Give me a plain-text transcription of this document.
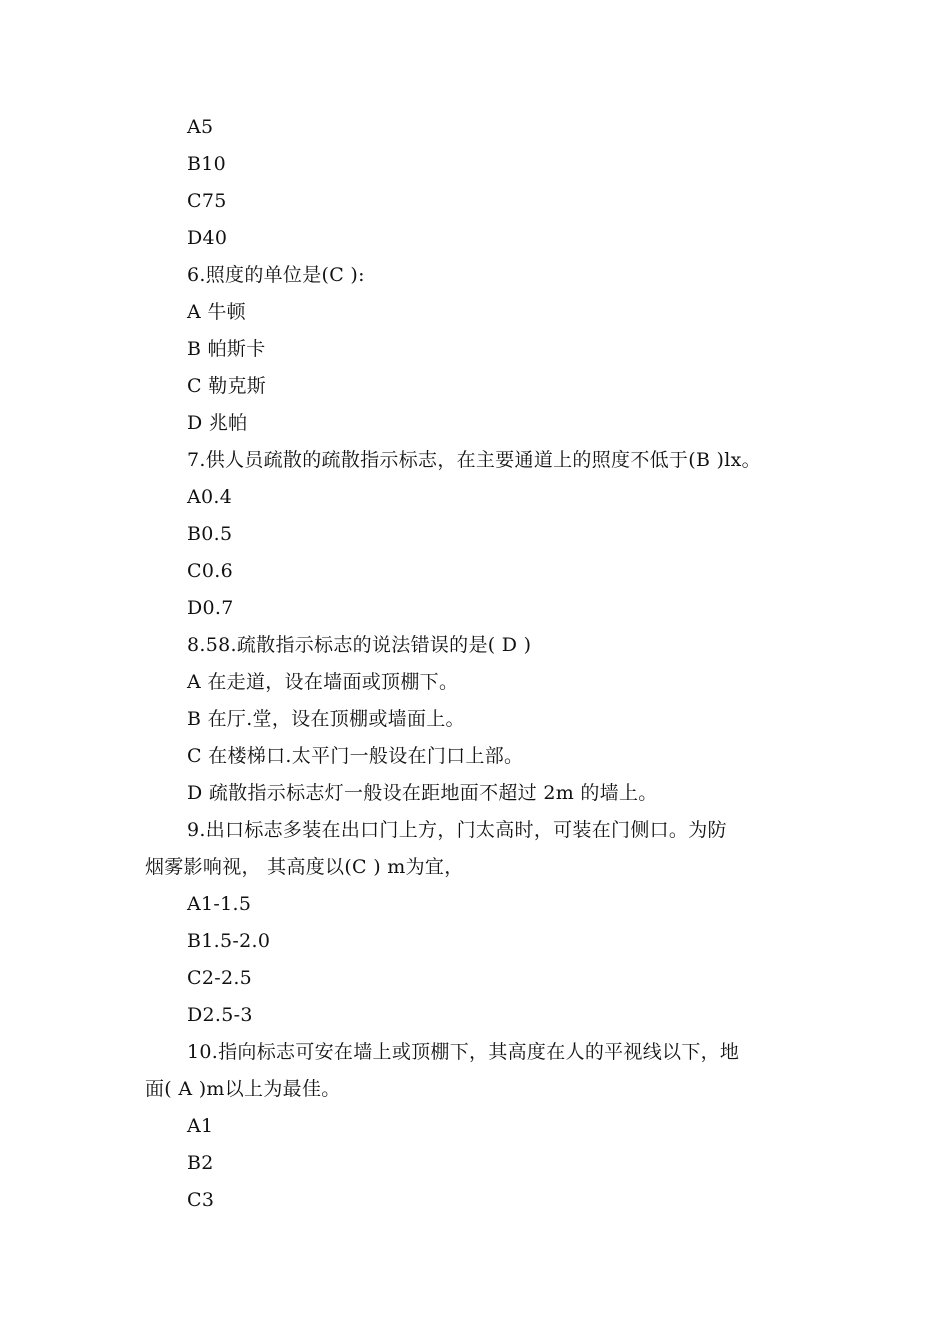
A5
B10
C75
D40
6.照度的单位是(C ):
A 牛顿
B 帕斯卡
C 勒克斯
D 兆帕
7.供人员疏散的疏散指示标志，在主要通道上的照度不低于(B )lx。
A0.4
B0.5
C0.6
D0.7
8.58.疏散指示标志的说法错误的是( D )
A 在走道，设在墙面或顶棚下。
B 在厅.堂，设在顶棚或墙面上。
C 在楼梯口.太平门一般设在门口上部。
D 疏散指示标志灯一般设在距地面不超过 2m 的墙上。
9.出口标志多装在出口门上方，门太高时，可装在门侧口。为防
烟雾影响视， 其高度以(C ) m为宜，
A1-1.5
B1.5-2.0
C2-2.5
D2.5-3
10.指向标志可安在墙上或顶棚下，其高度在人的平视线以下，地
面( A )m以上为最佳。
A1
B2
C3
